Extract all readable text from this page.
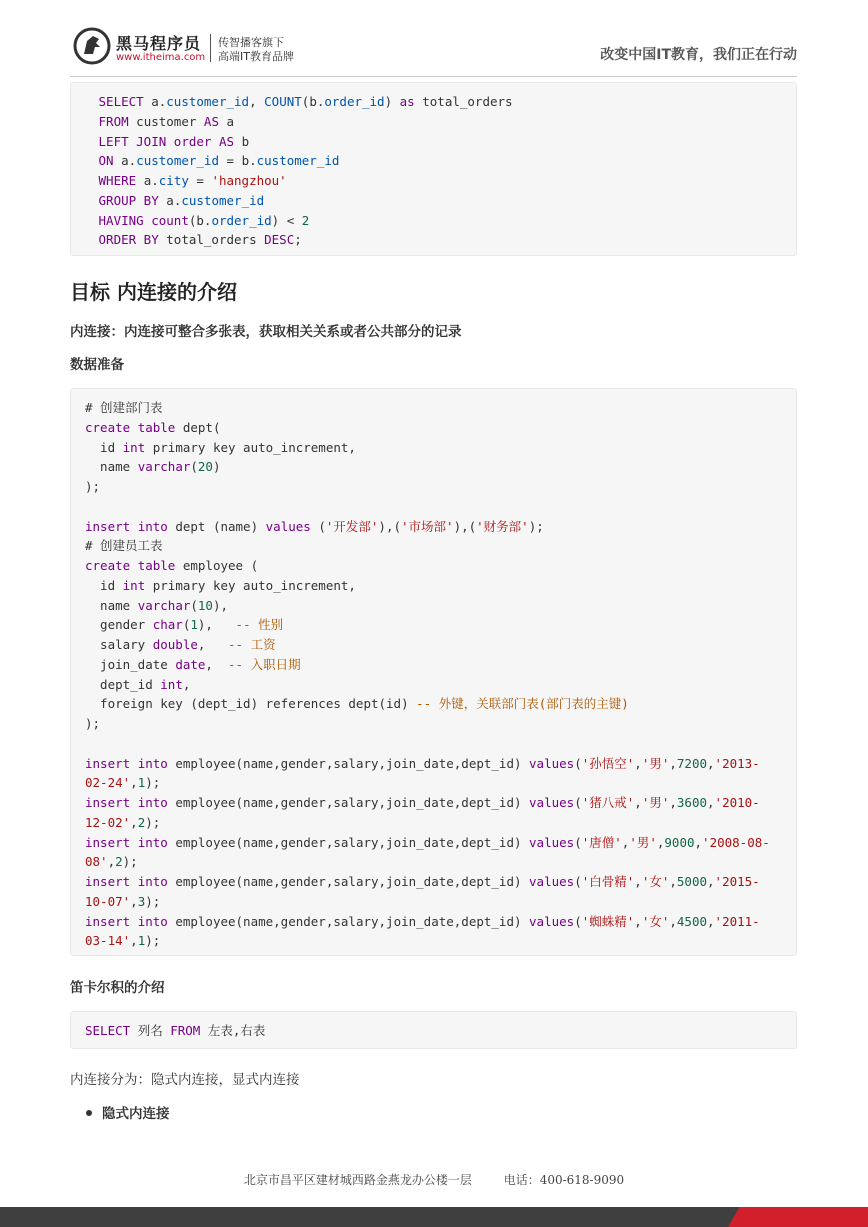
黑马程序员
www.itheima.com
传智播客旗下
高端IT教育品牌	改变中国IT教育，我们正在行动
SELECT a.customer_id, COUNT(b.order_id) as total_orders
FROM customer AS a
LEFT JOIN order AS b
ON a.customer_id = b.customer_id
WHERE a.city = 'hangzhou'
GROUP BY a.customer_id
HAVING count(b.order_id) < 2
ORDER BY total_orders DESC;
目标 内连接的介绍
内连接：内连接可整合多张表，获取相关关系或者公共部分的记录
数据准备
# 创建部门表
create table dept(
id int primary key auto_increment,
name varchar(20)
);

insert into dept (name) values ('开发部'),('市场部'),('财务部');
# 创建员工表
create table employee (
id int primary key auto_increment,
name varchar(10),
gender char(1),   -- 性别
salary double,   -- 工资
join_date date,  -- 入职日期
dept_id int,
foreign key (dept_id) references dept(id) -- 外键，关联部门表(部门表的主键)
);

insert into employee(name,gender,salary,join_date,dept_id) values('孙悟空','男',7200,'2013-
02-24',1);
insert into employee(name,gender,salary,join_date,dept_id) values('猪八戒','男',3600,'2010-
12-02',2);
insert into employee(name,gender,salary,join_date,dept_id) values('唐僧','男',9000,'2008-08-
08',2);
insert into employee(name,gender,salary,join_date,dept_id) values('白骨精','女',5000,'2015-
10-07',3);
insert into employee(name,gender,salary,join_date,dept_id) values('蜘蛛精','女',4500,'2011-
03-14',1);
笛卡尔积的介绍
SELECT 列名 FROM 左表,右表
内连接分为：隐式内连接，显式内连接
隐式内连接
北京市昌平区建材城西路金燕龙办公楼一层	电话：400-618-9090
